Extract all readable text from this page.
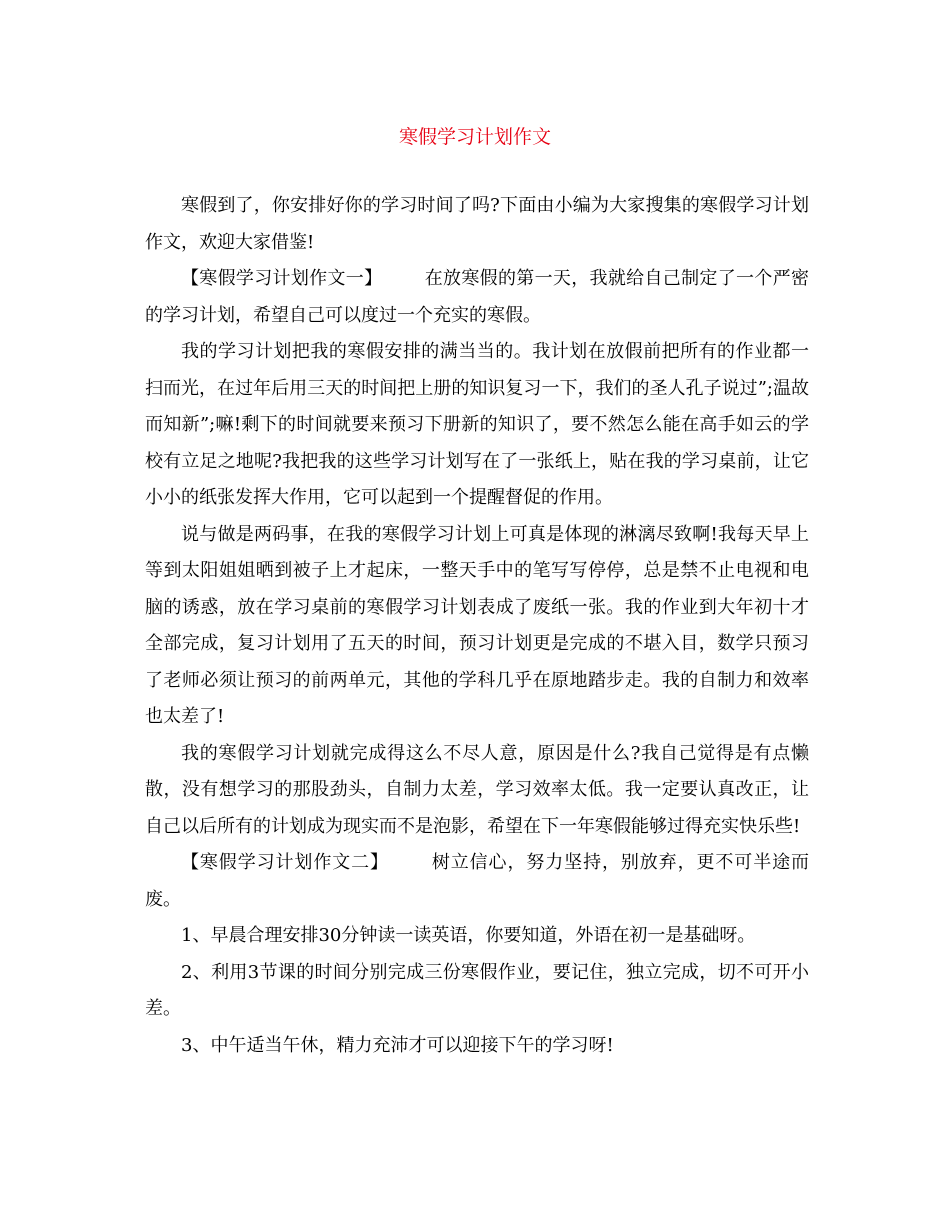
寒假学习计划作文

寒假到了，你安排好你的学习时间了吗?下面由小编为大家搜集的寒假学习计划作文，欢迎大家借鉴!

【寒假学习计划作文一】 在放寒假的第一天，我就给自己制定了一个严密的学习计划，希望自己可以度过一个充实的寒假。

我的学习计划把我的寒假安排的满当当的。我计划在放假前把所有的作业都一扫而光，在过年后用三天的时间把上册的知识复习一下，我们的圣人孔子说过”;温故而知新”;嘛!剩下的时间就要来预习下册新的知识了，要不然怎么能在高手如云的学校有立足之地呢?我把我的这些学习计划写在了一张纸上，贴在我的学习桌前，让它小小的纸张发挥大作用，它可以起到一个提醒督促的作用。

说与做是两码事，在我的寒假学习计划上可真是体现的淋漓尽致啊!我每天早上等到太阳姐姐晒到被子上才起床，一整天手中的笔写写停停，总是禁不止电视和电脑的诱惑，放在学习桌前的寒假学习计划表成了废纸一张。我的作业到大年初十才全部完成，复习计划用了五天的时间，预习计划更是完成的不堪入目，数学只预习了老师必须让预习的前两单元，其他的学科几乎在原地踏步走。我的自制力和效率也太差了!

我的寒假学习计划就完成得这么不尽人意，原因是什么?我自己觉得是有点懒散，没有想学习的那股劲头，自制力太差，学习效率太低。我一定要认真改正，让自己以后所有的计划成为现实而不是泡影，希望在下一年寒假能够过得充实快乐些!

【寒假学习计划作文二】 树立信心，努力坚持，别放弃，更不可半途而废。

1、早晨合理安排30分钟读一读英语，你要知道，外语在初一是基础呀。

2、利用3节课的时间分别完成三份寒假作业，要记住，独立完成，切不可开小差。

3、中午适当午休，精力充沛才可以迎接下午的学习呀!
